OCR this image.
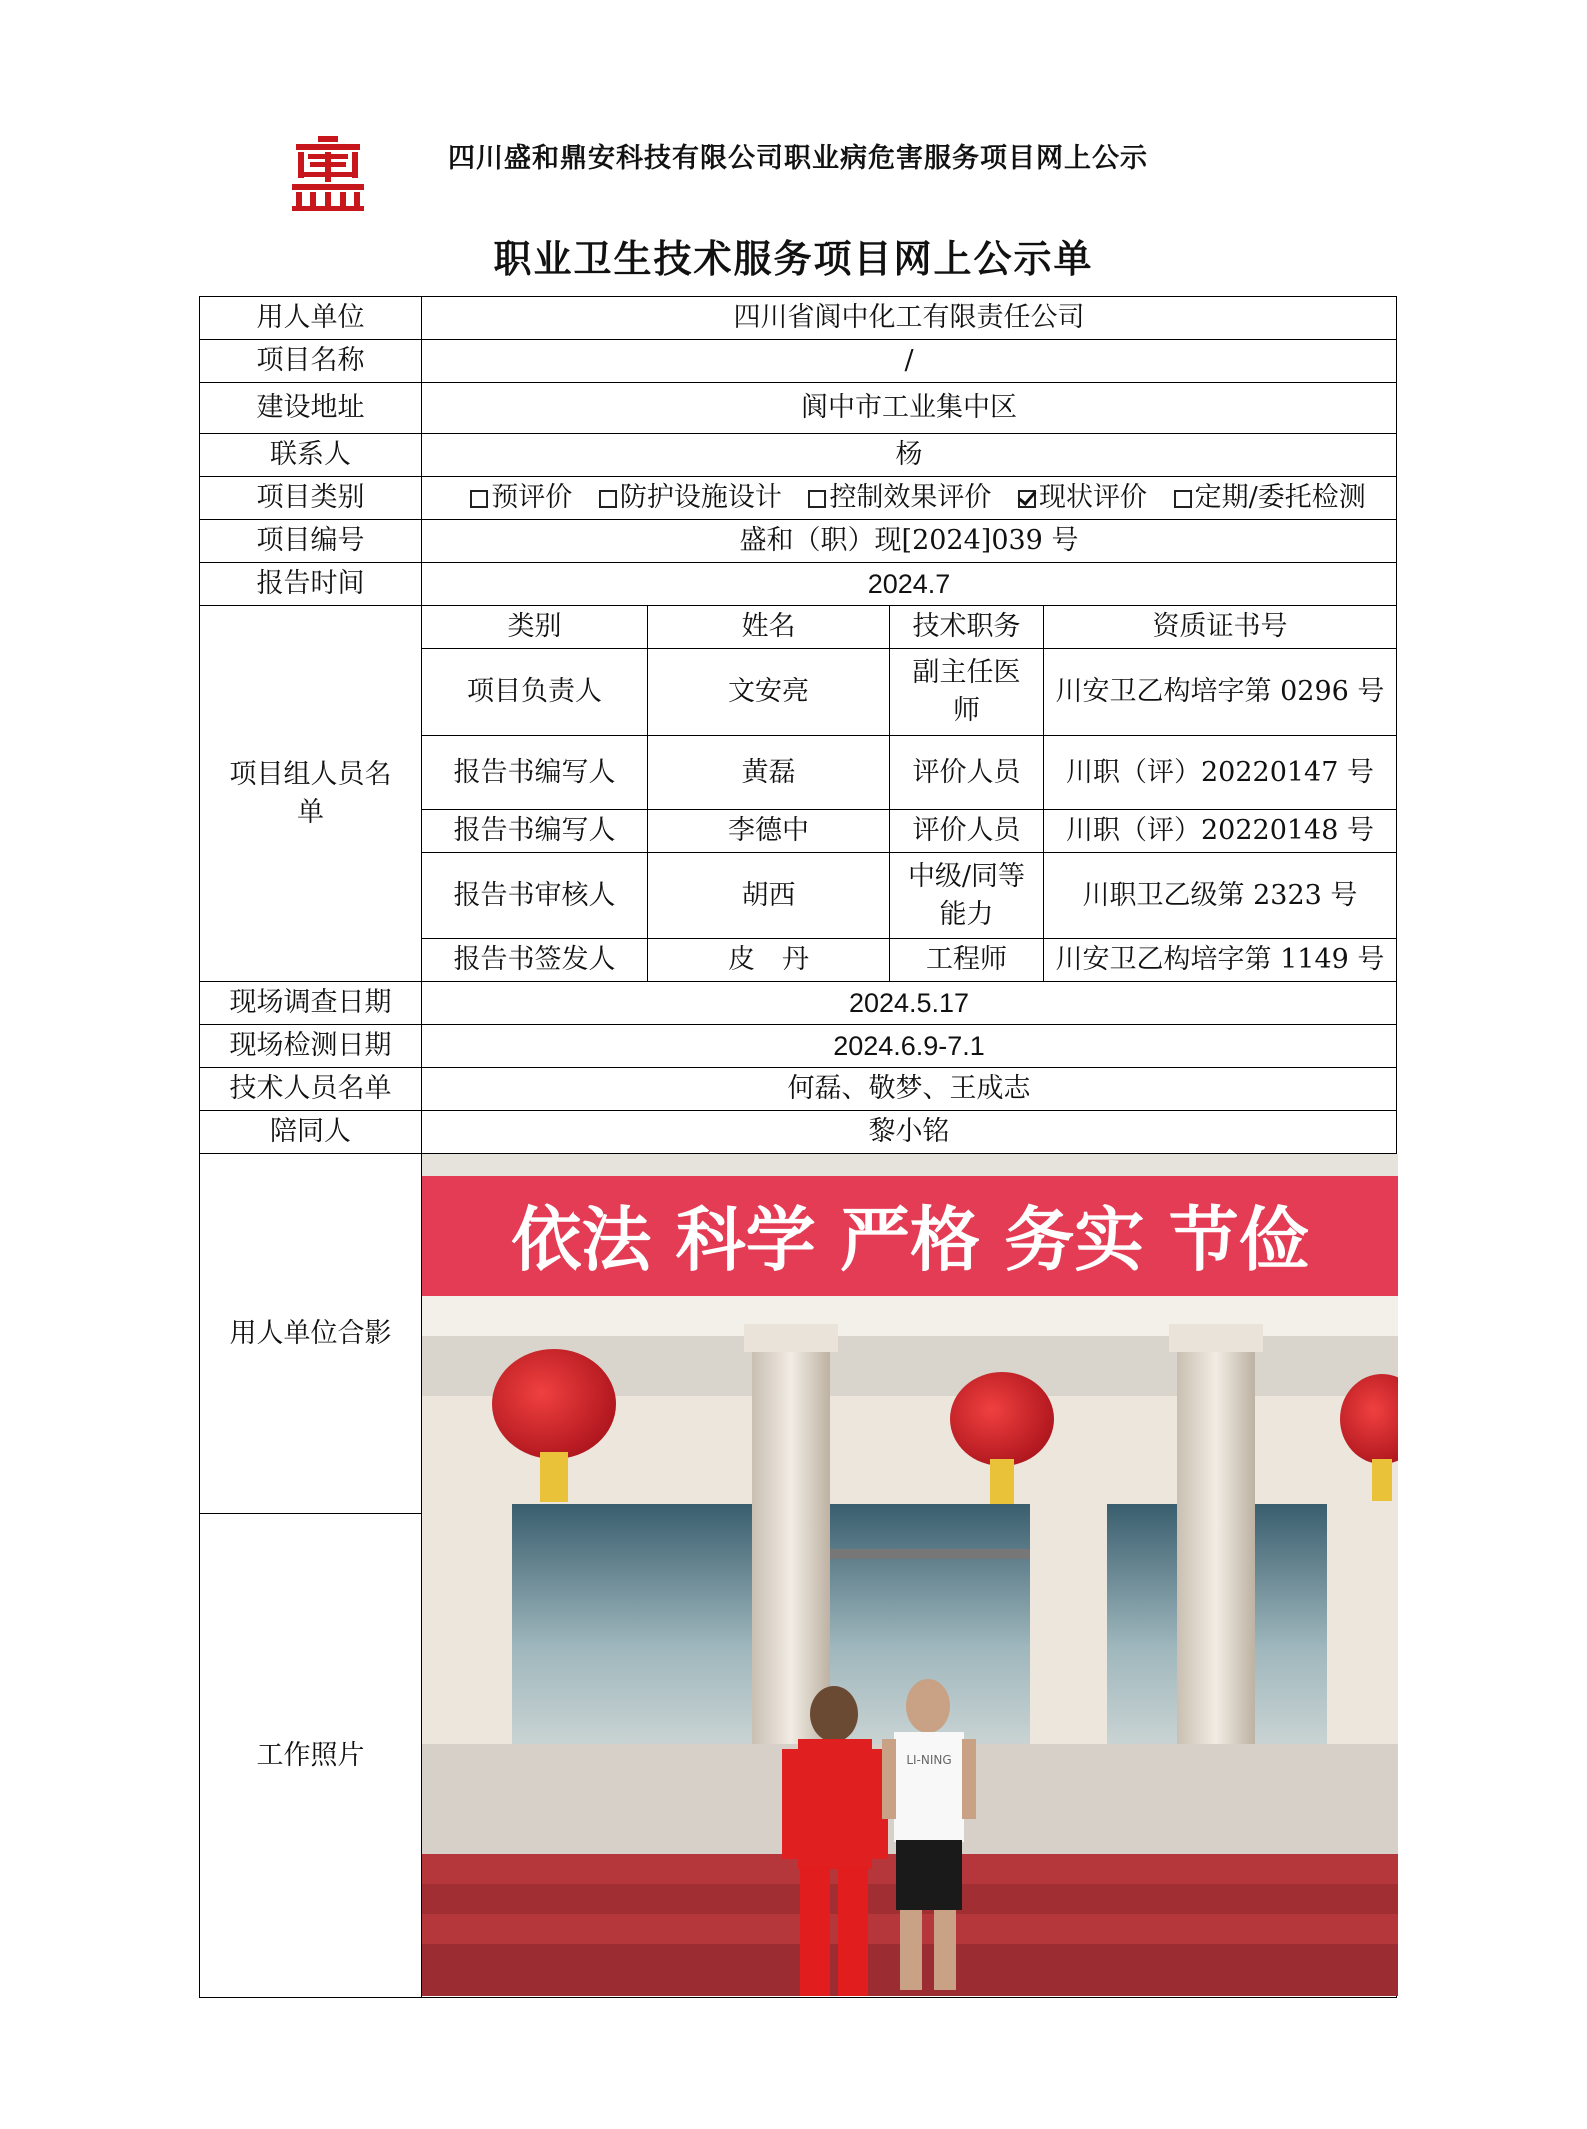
四川盛和鼎安科技有限公司职业病危害服务项目网上公示
职业卫生技术服务项目网上公示单
用人单位	四川省阆中化工有限责任公司			
项目名称	/			
建设地址	阆中市工业集中区			
联系人	杨			
项目类别	预评价 防护设施设计 控制效果评价 现状评价 定期/委托检测			
项目编号	盛和（职）现[2024]039 号			
报告时间	2024.7			
项目组人员名单	类别	姓名	技术职务	资质证书号
	项目负责人	文安亮	副主任医师	川安卫乙构培字第 0296 号
	报告书编写人	黄磊	评价人员	川职（评）20220147 号
	报告书编写人	李德中	评价人员	川职（评）20220148 号
	报告书审核人	胡西	中级/同等能力	川职卫乙级第 2323 号
	报告书签发人	皮　丹	工程师	川安卫乙构培字第 1149 号
现场调查日期	2024.5.17			
现场检测日期	2024.6.9-7.1			
技术人员名单	何磊、敬梦、王成志			
陪同人	黎小铭			
用人单位合影	依法 科学 严格 务实 节俭
LI-NING			

工作照片				
